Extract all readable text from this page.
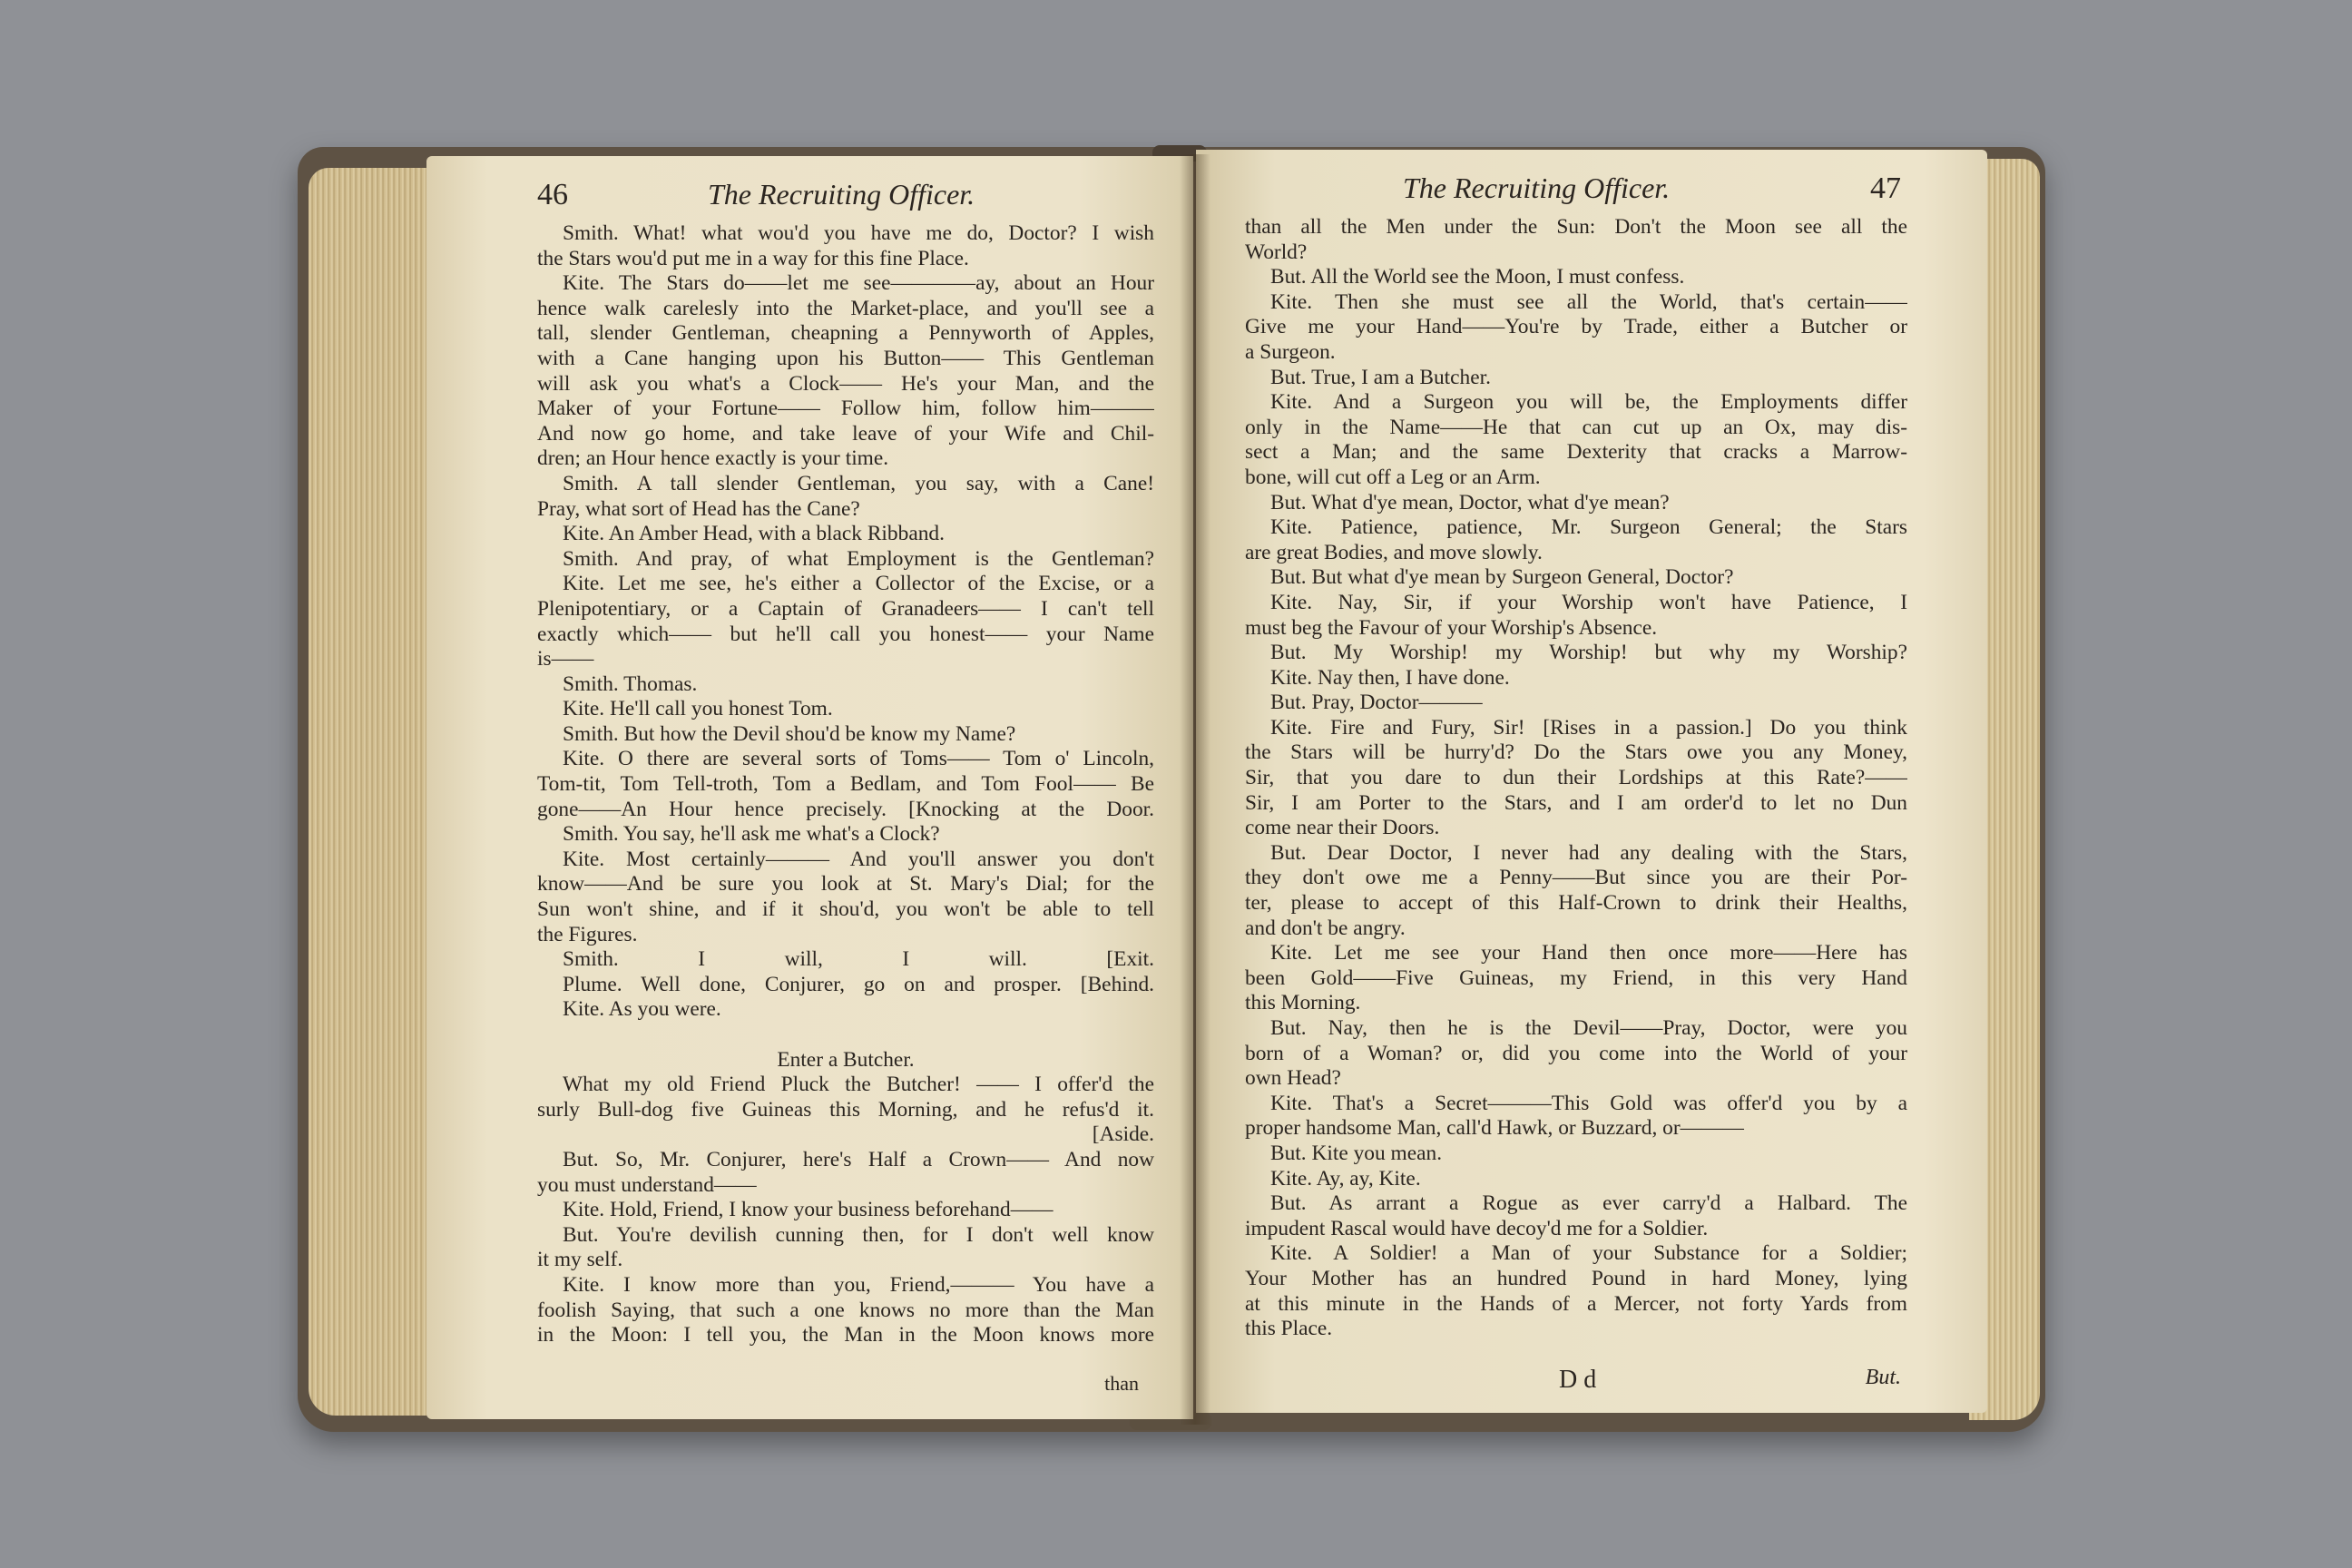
46	The Recruiting Officer.
Smith. What! what wou'd you have me do, Doctor? I wish
the Stars wou'd put me in a way for this fine Place.
Kite. The Stars do——let me see————ay, about an Hour
hence walk carelesly into the Market-place, and you'll see a
tall, slender Gentleman, cheapning a Pennyworth of Apples,
with a Cane hanging upon his Button—— This Gentleman
will ask you what's a Clock—— He's your Man, and the
Maker of your Fortune—— Follow him, follow him———
And now go home, and take leave of your Wife and Chil-
dren; an Hour hence exactly is your time.
Smith. A tall slender Gentleman, you say, with a Cane!
Pray, what sort of Head has the Cane?
Kite. An Amber Head, with a black Ribband.
Smith. And pray, of what Employment is the Gentleman?
Kite. Let me see, he's either a Collector of the Excise, or a
Plenipotentiary, or a Captain of Granadeers—— I can't tell
exactly which—— but he'll call you honest—— your Name
is——
Smith. Thomas.
Kite. He'll call you honest Tom.
Smith. But how the Devil shou'd be know my Name?
Kite. O there are several sorts of Toms—— Tom o' Lincoln,
Tom-tit, Tom Tell-troth, Tom a Bedlam, and Tom Fool—— Be
gone——An Hour hence precisely. [Knocking at the Door.
Smith. You say, he'll ask me what's a Clock?
Kite. Most certainly——— And you'll answer you don't
know——And be sure you look at St. Mary's Dial; for the
Sun won't shine, and if it shou'd, you won't be able to tell
the Figures.
Smith. I will, I will. [Exit.
Plume. Well done, Conjurer, go on and prosper. [Behind.
Kite. As you were.

Enter a Butcher.
What my old Friend Pluck the Butcher! —— I offer'd the
surly Bull-dog five Guineas this Morning, and he refus'd it.
[Aside.
But. So, Mr. Conjurer, here's Half a Crown—— And now
you must understand——
Kite. Hold, Friend, I know your business beforehand——
But. You're devilish cunning then, for I don't well know
it my self.
Kite. I know more than you, Friend,——— You have a
foolish Saying, that such a one knows no more than the Man
in the Moon: I tell you, the Man in the Moon knows more
than
The Recruiting Officer.	47
than all the Men under the Sun: Don't the Moon see all the
World?
But. All the World see the Moon, I must confess.
Kite. Then she must see all the World, that's certain——
Give me your Hand——You're by Trade, either a Butcher or
a Surgeon.
But. True, I am a Butcher.
Kite. And a Surgeon you will be, the Employments differ
only in the Name——He that can cut up an Ox, may dis-
sect a Man; and the same Dexterity that cracks a Marrow-
bone, will cut off a Leg or an Arm.
But. What d'ye mean, Doctor, what d'ye mean?
Kite. Patience, patience, Mr. Surgeon General; the Stars
are great Bodies, and move slowly.
But. But what d'ye mean by Surgeon General, Doctor?
Kite. Nay, Sir, if your Worship won't have Patience, I
must beg the Favour of your Worship's Absence.
But. My Worship! my Worship! but why my Worship?
Kite. Nay then, I have done.
But. Pray, Doctor———
Kite. Fire and Fury, Sir! [Rises in a passion.] Do you think
the Stars will be hurry'd? Do the Stars owe you any Money,
Sir, that you dare to dun their Lordships at this Rate?——
Sir, I am Porter to the Stars, and I am order'd to let no Dun
come near their Doors.
But. Dear Doctor, I never had any dealing with the Stars,
they don't owe me a Penny——But since you are their Por-
ter, please to accept of this Half-Crown to drink their Healths,
and don't be angry.
Kite. Let me see your Hand then once more——Here has
been Gold——Five Guineas, my Friend, in this very Hand
this Morning.
But. Nay, then he is the Devil——Pray, Doctor, were you
born of a Woman? or, did you come into the World of your
own Head?
Kite. That's a Secret———This Gold was offer'd you by a
proper handsome Man, call'd Hawk, or Buzzard, or———
But. Kite you mean.
Kite. Ay, ay, Kite.
But. As arrant a Rogue as ever carry'd a Halbard. The
impudent Rascal would have decoy'd me for a Soldier.
Kite. A Soldier! a Man of your Substance for a Soldier;
Your Mother has an hundred Pound in hard Money, lying
at this minute in the Hands of a Mercer, not forty Yards from
this Place.
D d	But.
